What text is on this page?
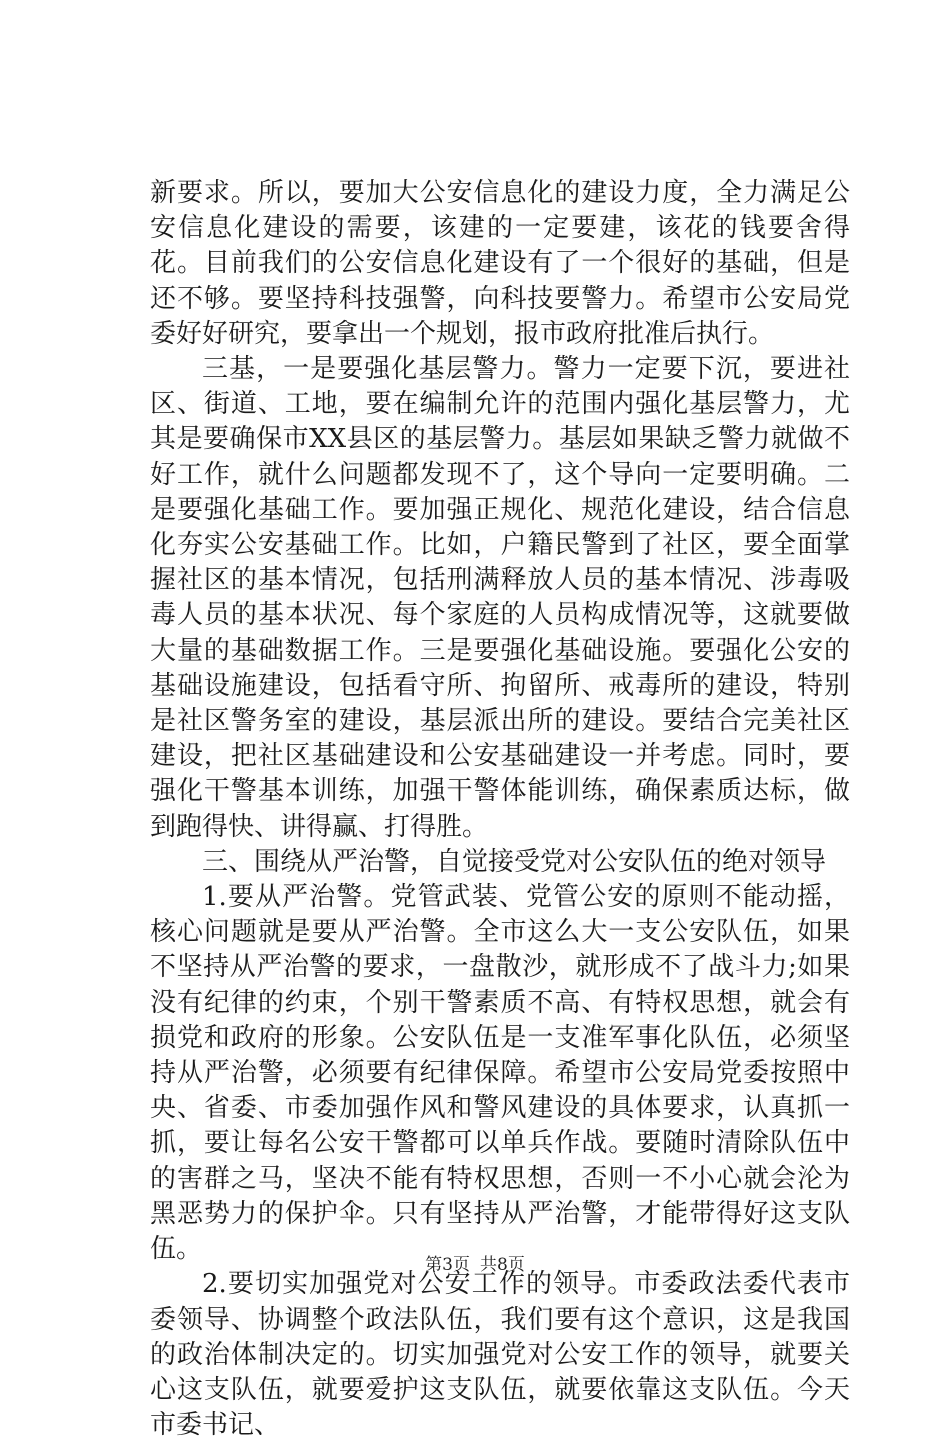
新要求。所以，要加大公安信息化的建设力度，全力满足公安信息化建设的需要，该建的一定要建，该花的钱要舍得花。目前我们的公安信息化建设有了一个很好的基础，但是还不够。要坚持科技强警，向科技要警力。希望市公安局党委好好研究，要拿出一个规划，报市政府批准后执行。

三基，一是要强化基层警力。警力一定要下沉，要进社区、街道、工地，要在编制允许的范围内强化基层警力，尤其是要确保市XX县区的基层警力。基层如果缺乏警力就做不好工作，就什么问题都发现不了，这个导向一定要明确。二是要强化基础工作。要加强正规化、规范化建设，结合信息化夯实公安基础工作。比如，户籍民警到了社区，要全面掌握社区的基本情况，包括刑满释放人员的基本情况、涉毒吸毒人员的基本状况、每个家庭的人员构成情况等，这就要做大量的基础数据工作。三是要强化基础设施。要强化公安的基础设施建设，包括看守所、拘留所、戒毒所的建设，特别是社区警务室的建设，基层派出所的建设。要结合完美社区建设，把社区基础建设和公安基础建设一并考虑。同时，要强化干警基本训练，加强干警体能训练，确保素质达标，做到跑得快、讲得赢、打得胜。

三、围绕从严治警，自觉接受党对公安队伍的绝对领导

1.要从严治警。党管武装、党管公安的原则不能动摇，核心问题就是要从严治警。全市这么大一支公安队伍，如果不坚持从严治警的要求，一盘散沙，就形成不了战斗力;如果没有纪律的约束，个别干警素质不高、有特权思想，就会有损党和政府的形象。公安队伍是一支准军事化队伍，必须坚持从严治警，必须要有纪律保障。希望市公安局党委按照中央、省委、市委加强作风和警风建设的具体要求，认真抓一抓，要让每名公安干警都可以单兵作战。要随时清除队伍中的害群之马，坚决不能有特权思想，否则一不小心就会沦为黑恶势力的保护伞。只有坚持从严治警，才能带得好这支队伍。

2.要切实加强党对公安工作的领导。市委政法委代表市委领导、协调整个政法队伍，我们要有这个意识，这是我国的政治体制决定的。切实加强党对公安工作的领导，就要关心这支队伍，就要爱护这支队伍，就要依靠这支队伍。今天市委书记、

第3页 共8页
